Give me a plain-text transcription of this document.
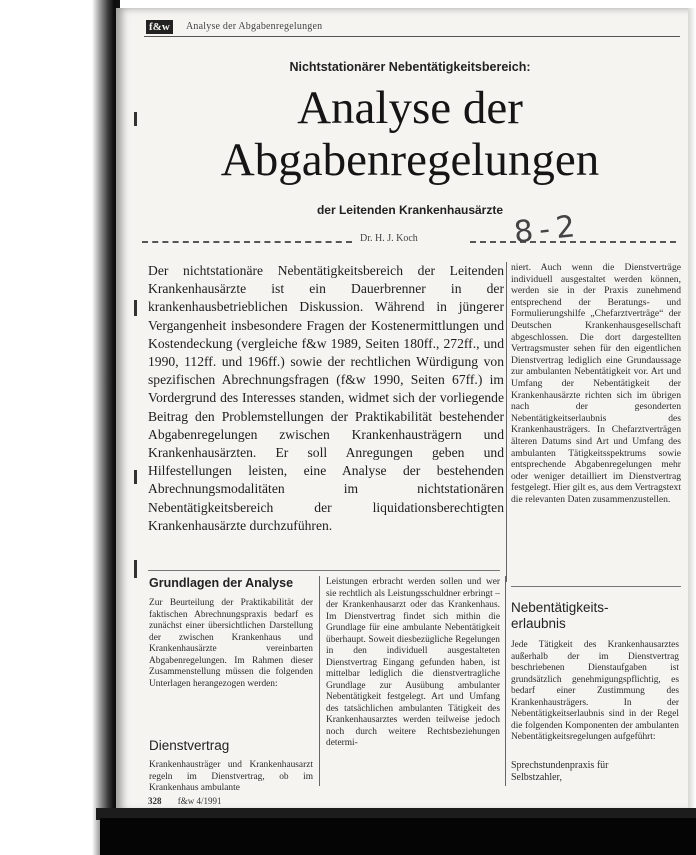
f&w	Analyse der Abgabenregelungen
Nichtstationärer Nebentätigkeitsbereich:
Analyse der
Abgabenregelungen
der Leitenden Krankenhausärzte
Dr. H. J. Koch	8-2
Der nichtstationäre Nebentätigkeitsbereich der Leitenden Krankenhausärzte ist ein Dauerbrenner in der krankenhausbetrieblichen Diskussion. Während in jüngerer Vergangenheit insbesondere Fragen der Kostenermittlungen und Kostendeckung (vergleiche f&w 1989, Seiten 180ff., 272ff., und 1990, 112ff. und 196ff.) sowie der rechtlichen Würdigung von spezifischen Abrechnungsfragen (f&w 1990, Seiten 67ff.) im Vordergrund des Interesses standen, widmet sich der vorliegende Beitrag den Problemstellungen der Praktikabilität bestehender Abgabenregelungen zwischen Krankenhausträgern und Krankenhausärzten. Er soll Anregungen geben und Hilfestellungen leisten, eine Analyse der bestehenden Abrechnungsmodalitäten im nichtstationären Nebentätigkeitsbereich der liquidationsberechtigten Krankenhausärzte durchzuführen.
niert. Auch wenn die Dienstverträge individuell ausgestaltet werden können, werden sie in der Praxis zunehmend entsprechend der Beratungs- und Formulierungshilfe „Chefarztverträge“ der Deutschen Krankenhausgesellschaft abgeschlossen. Die dort dargestellten Vertragsmuster sehen für den eigentlichen Dienstvertrag lediglich eine Grundaussage zur ambulanten Nebentätigkeit vor. Art und Umfang der Nebentätigkeit der Krankenhausärzte richten sich im übrigen nach der gesonderten Nebentätigkeitserlaubnis des Krankenhausträgers. In Chefarztverträgen älteren Datums sind Art und Umfang des ambulanten Tätigkeitsspektrums sowie entsprechende Abgabenregelungen mehr oder weniger detailliert im Dienstvertrag festgelegt. Hier gilt es, aus dem Vertragstext die relevanten Daten zusammenzustellen.
Grundlagen der Analyse
Zur Beurteilung der Praktikabilität der faktischen Abrechnungspraxis bedarf es zunächst einer übersichtlichen Darstellung der zwischen Krankenhaus und Krankenhausärzte vereinbarten Abgabenregelungen. Im Rahmen dieser Zusammenstellung müssen die folgenden Unterlagen herangezogen werden:
Dienstvertrag
Krankenhausträger und Krankenhausarzt regeln im Dienstvertrag, ob im Krankenhaus ambulante
Leistungen erbracht werden sollen und wer sie rechtlich als Leistungsschuldner erbringt – der Krankenhausarzt oder das Krankenhaus. Im Dienstvertrag findet sich mithin die Grundlage für eine ambulante Nebentätigkeit überhaupt. Soweit diesbezügliche Regelungen in den individuell ausgestalteten Dienstvertrag Eingang gefunden haben, ist mittelbar lediglich die dienstvertragliche Grundlage zur Ausübung ambulanter Nebentätigkeit festgelegt. Art und Umfang des tatsächlichen ambulanten Tätigkeit des Krankenhausarztes werden teilweise jedoch noch durch weitere Rechtsbeziehungen determi-
Nebentätigkeits-
erlaubnis
Jede Tätigkeit des Krankenhausarztes außerhalb der im Dienstvertrag beschriebenen Dienstaufgaben ist grundsätzlich genehmigungspflichtig, es bedarf einer Zustimmung des Krankenhausträgers. In der Nebentätigkeitserlaubnis sind in der Regel die folgenden Komponenten der ambulanten Nebentätigkeitsregelungen aufgeführt:
Sprechstundenpraxis für Selbstzahler,
328 f&w 4/1991
